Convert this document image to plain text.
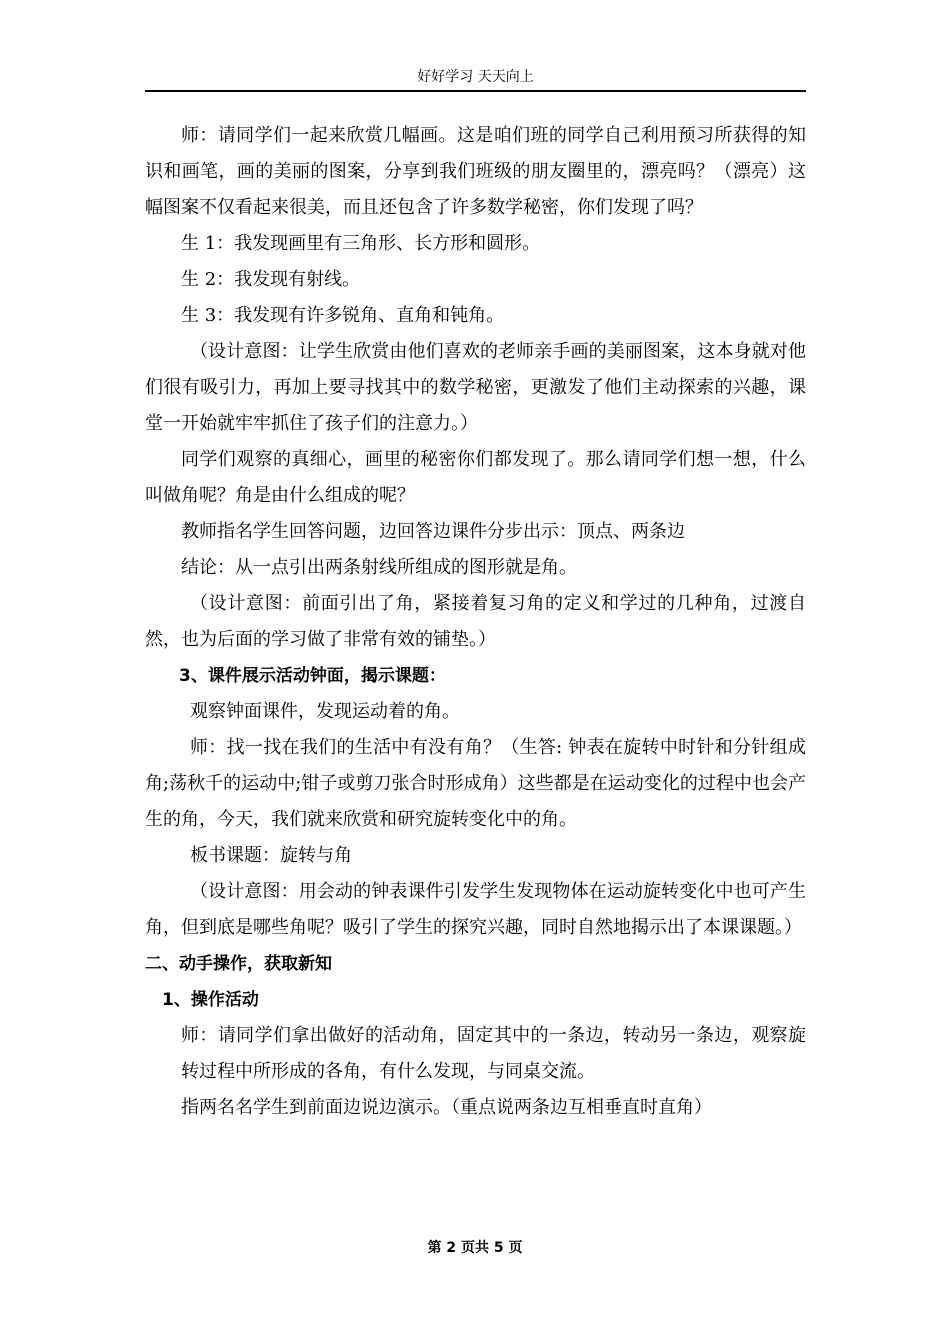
好好学习 天天向上

师：请同学们一起来欣赏几幅画。这是咱们班的同学自己利用预习所获得的知识和画笔，画的美丽的图案，分享到我们班级的朋友圈里的，漂亮吗？（漂亮）这幅图案不仅看起来很美，而且还包含了许多数学秘密，你们发现了吗？

生 1：我发现画里有三角形、长方形和圆形。

生 2：我发现有射线。

生 3：我发现有许多锐角、直角和钝角。

（设计意图：让学生欣赏由他们喜欢的老师亲手画的美丽图案，这本身就对他们很有吸引力，再加上要寻找其中的数学秘密，更激发了他们主动探索的兴趣，课堂一开始就牢牢抓住了孩子们的注意力。）

同学们观察的真细心，画里的秘密你们都发现了。那么请同学们想一想，什么叫做角呢？角是由什么组成的呢？

教师指名学生回答问题，边回答边课件分步出示：顶点、两条边

结论：从一点引出两条射线所组成的图形就是角。

（设计意图：前面引出了角，紧接着复习角的定义和学过的几种角，过渡自然，也为后面的学习做了非常有效的铺垫。）

3、课件展示活动钟面，揭示课题：

观察钟面课件，发现运动着的角。

师：找一找在我们的生活中有没有角？（生答: 钟表在旋转中时针和分针组成角;荡秋千的运动中;钳子或剪刀张合时形成角）这些都是在运动变化的过程中也会产生的角，今天，我们就来欣赏和研究旋转变化中的角。

板书课题：旋转与角

（设计意图：用会动的钟表课件引发学生发现物体在运动旋转变化中也可产生角，但到底是哪些角呢？吸引了学生的探究兴趣，同时自然地揭示出了本课课题。）

二、动手操作，获取新知

1、操作活动

师：请同学们拿出做好的活动角，固定其中的一条边，转动另一条边，观察旋转过程中所形成的各角，有什么发现，与同桌交流。

指两名名学生到前面边说边演示。（重点说两条边互相垂直时直角）

第 2 页共 5 页
